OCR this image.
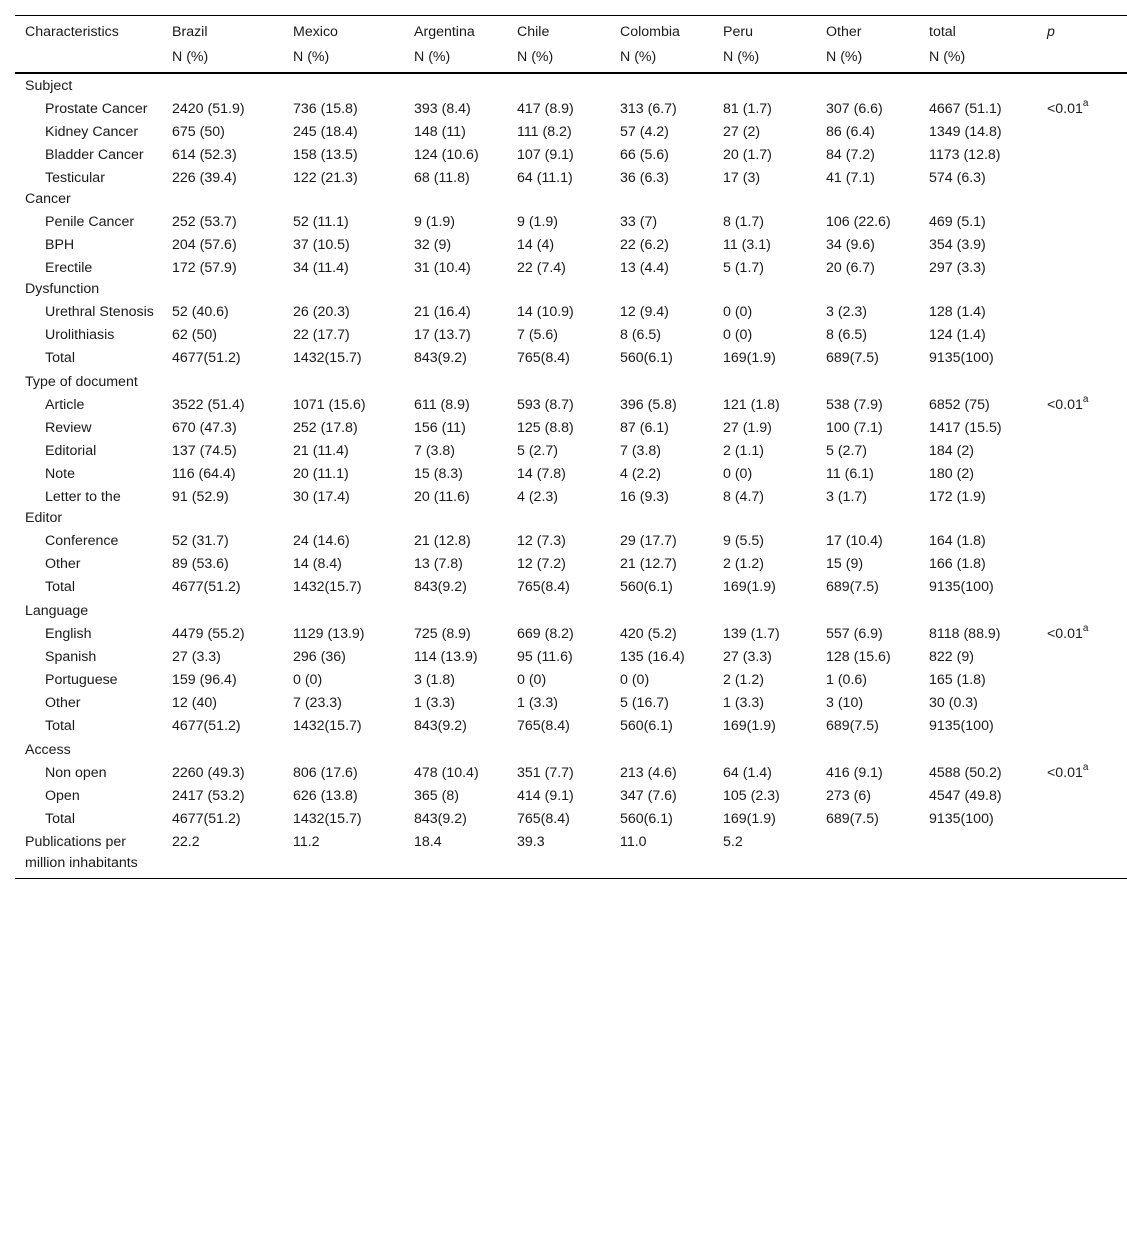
Characteristics	Brazil	Mexico	Argentina	Chile	Colombia	Peru	Other	total	p
	N (%)	N (%)	N (%)	N (%)	N (%)	N (%)	N (%)	N (%)	
Subject									
Prostate Cancer	2420 (51.9)	736 (15.8)	393 (8.4)	417 (8.9)	313 (6.7)	81 (1.7)	307 (6.6)	4667 (51.1)	<0.01$^a$
Kidney Cancer	675 (50)	245 (18.4)	148 (11)	111 (8.2)	57 (4.2)	27 (2)	86 (6.4)	1349 (14.8)	
Bladder Cancer	614 (52.3)	158 (13.5)	124 (10.6)	107 (9.1)	66 (5.6)	20 (1.7)	84 (7.2)	1173 (12.8)	
Testicular Cancer	226 (39.4)	122 (21.3)	68 (11.8)	64 (11.1)	36 (6.3)	17 (3)	41 (7.1)	574 (6.3)	
Penile Cancer	252 (53.7)	52 (11.1)	9 (1.9)	9 (1.9)	33 (7)	8 (1.7)	106 (22.6)	469 (5.1)	
BPH	204 (57.6)	37 (10.5)	32 (9)	14 (4)	22 (6.2)	11 (3.1)	34 (9.6)	354 (3.9)	
Erectile Dysfunction	172 (57.9)	34 (11.4)	31 (10.4)	22 (7.4)	13 (4.4)	5 (1.7)	20 (6.7)	297 (3.3)	
Urethral Stenosis	52 (40.6)	26 (20.3)	21 (16.4)	14 (10.9)	12 (9.4)	0 (0)	3 (2.3)	128 (1.4)	
Urolithiasis	62 (50)	22 (17.7)	17 (13.7)	7 (5.6)	8 (6.5)	0 (0)	8 (6.5)	124 (1.4)	
Total	4677(51.2)	1432(15.7)	843(9.2)	765(8.4)	560(6.1)	169(1.9)	689(7.5)	9135(100)	
Type of document									
Article	3522 (51.4)	1071 (15.6)	611 (8.9)	593 (8.7)	396 (5.8)	121 (1.8)	538 (7.9)	6852 (75)	<0.01$^a$
Review	670 (47.3)	252 (17.8)	156 (11)	125 (8.8)	87 (6.1)	27 (1.9)	100 (7.1)	1417 (15.5)	
Editorial	137 (74.5)	21 (11.4)	7 (3.8)	5 (2.7)	7 (3.8)	2 (1.1)	5 (2.7)	184 (2)	
Note	116 (64.4)	20 (11.1)	15 (8.3)	14 (7.8)	4 (2.2)	0 (0)	11 (6.1)	180 (2)	
Letter to the Editor	91 (52.9)	30 (17.4)	20 (11.6)	4 (2.3)	16 (9.3)	8 (4.7)	3 (1.7)	172 (1.9)	
Conference	52 (31.7)	24 (14.6)	21 (12.8)	12 (7.3)	29 (17.7)	9 (5.5)	17 (10.4)	164 (1.8)	
Other	89 (53.6)	14 (8.4)	13 (7.8)	12 (7.2)	21 (12.7)	2 (1.2)	15 (9)	166 (1.8)	
Total	4677(51.2)	1432(15.7)	843(9.2)	765(8.4)	560(6.1)	169(1.9)	689(7.5)	9135(100)	
Language									
English	4479 (55.2)	1129 (13.9)	725 (8.9)	669 (8.2)	420 (5.2)	139 (1.7)	557 (6.9)	8118 (88.9)	<0.01$^a$
Spanish	27 (3.3)	296 (36)	114 (13.9)	95 (11.6)	135 (16.4)	27 (3.3)	128 (15.6)	822 (9)	
Portuguese	159 (96.4)	0 (0)	3 (1.8)	0 (0)	0 (0)	2 (1.2)	1 (0.6)	165 (1.8)	
Other	12 (40)	7 (23.3)	1 (3.3)	1 (3.3)	5 (16.7)	1 (3.3)	3 (10)	30 (0.3)	
Total	4677(51.2)	1432(15.7)	843(9.2)	765(8.4)	560(6.1)	169(1.9)	689(7.5)	9135(100)	
Access									
Non open	2260 (49.3)	806 (17.6)	478 (10.4)	351 (7.7)	213 (4.6)	64 (1.4)	416 (9.1)	4588 (50.2)	<0.01$^a$
Open	2417 (53.2)	626 (13.8)	365 (8)	414 (9.1)	347 (7.6)	105 (2.3)	273 (6)	4547 (49.8)	
Total	4677(51.2)	1432(15.7)	843(9.2)	765(8.4)	560(6.1)	169(1.9)	689(7.5)	9135(100)	
Publications per million inhabitants	22.2	11.2	18.4	39.3	11.0	5.2			
